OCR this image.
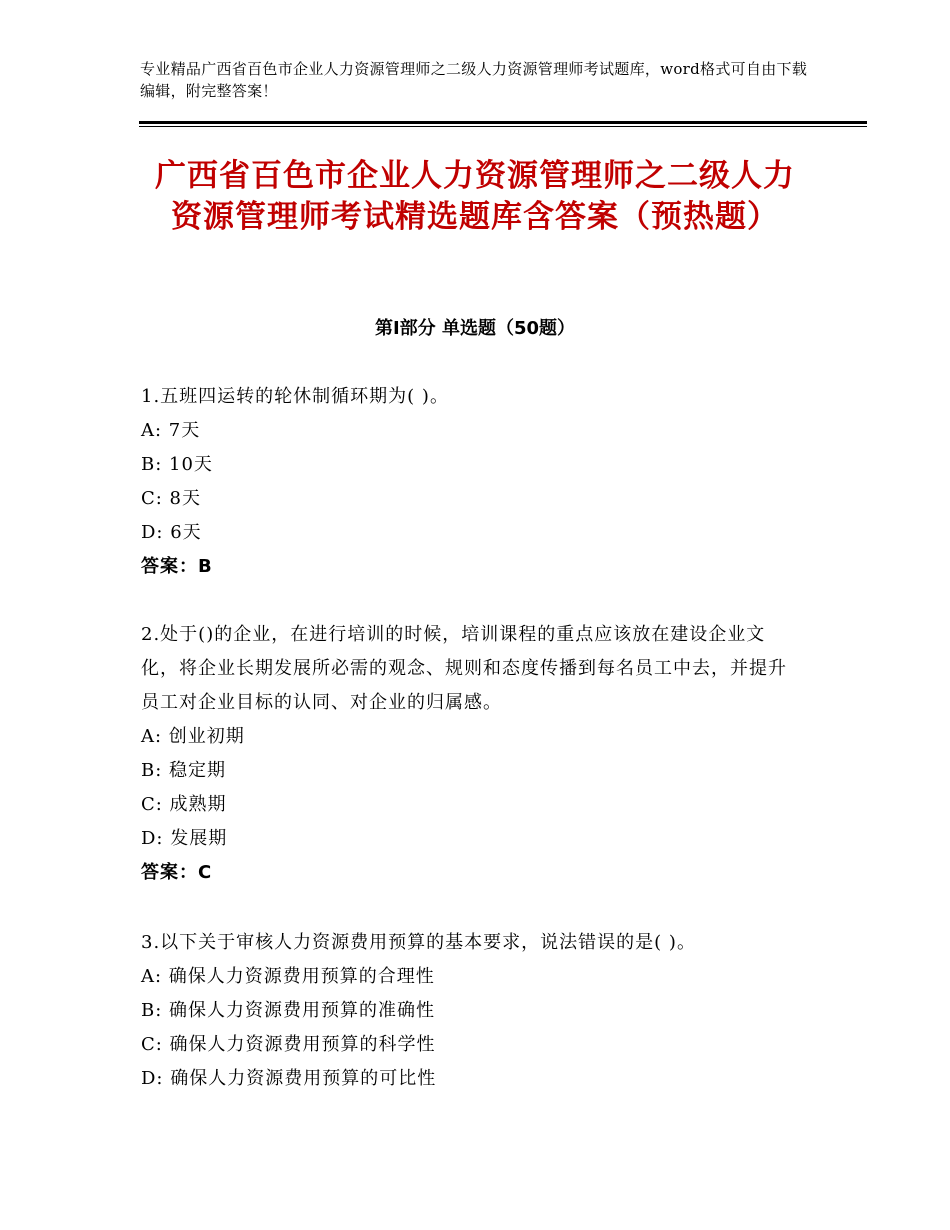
专业精品广西省百色市企业人力资源管理师之二级人力资源管理师考试题库，word格式可自由下载编辑，附完整答案！
广西省百色市企业人力资源管理师之二级人力资源管理师考试精选题库含答案（预热题）
第Ⅰ部分 单选题（50题）
1.五班四运转的轮休制循环期为( )。
A: 7天
B: 10天
C: 8天
D: 6天
答案：B
2.处于()的企业，在进行培训的时候，培训课程的重点应该放在建设企业文化，将企业长期发展所必需的观念、规则和态度传播到每名员工中去，并提升员工对企业目标的认同、对企业的归属感。
A: 创业初期
B: 稳定期
C: 成熟期
D: 发展期
答案：C
3.以下关于审核人力资源费用预算的基本要求，说法错误的是( )。
A: 确保人力资源费用预算的合理性
B: 确保人力资源费用预算的准确性
C: 确保人力资源费用预算的科学性
D: 确保人力资源费用预算的可比性
